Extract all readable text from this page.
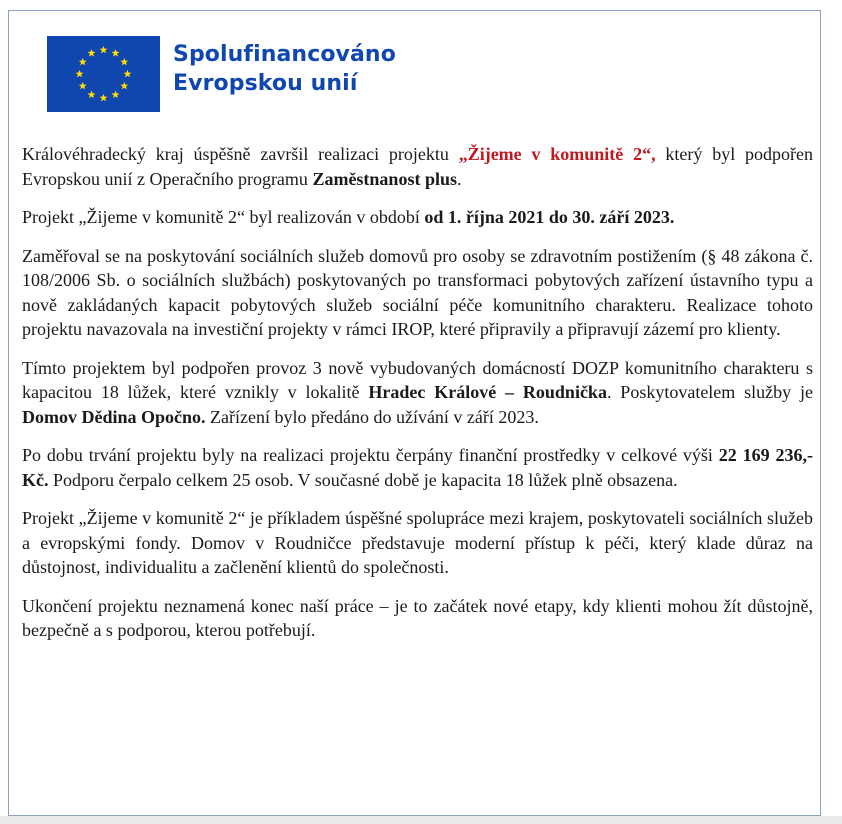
Spolufinancováno
Evropskou unií

Královéhradecký kraj úspěšně završil realizaci projektu „Žijeme v komunitě 2“, který byl podpořen Evropskou unií z Operačního programu Zaměstnanost plus.

Projekt „Žijeme v komunitě 2“ byl realizován v období od 1. října 2021 do 30. září 2023.

Zaměřoval se na poskytování sociálních služeb domovů pro osoby se zdravotním postižením (§ 48 zákona č. 108/2006 Sb. o sociálních službách) poskytovaných po transformaci pobytových zařízení ústavního typu a nově zakládaných kapacit pobytových služeb sociální péče komunitního charakteru. Realizace tohoto projektu navazovala na investiční projekty v rámci IROP, které připravily a připravují zázemí pro klienty.

Tímto projektem byl podpořen provoz 3 nově vybudovaných domácností DOZP komunitního charakteru s kapacitou 18 lůžek, které vznikly v lokalitě Hradec Králové – Roudnička. Poskytovatelem služby je Domov Dědina Opočno. Zařízení bylo předáno do užívání v září 2023.

Po dobu trvání projektu byly na realizaci projektu čerpány finanční prostředky v celkové výši 22 169 236,-Kč. Podporu čerpalo celkem 25 osob. V současné době je kapacita 18 lůžek plně obsazena.

Projekt „Žijeme v komunitě 2“ je příkladem úspěšné spolupráce mezi krajem, poskytovateli sociálních služeb a evropskými fondy. Domov v Roudničce představuje moderní přístup k péči, který klade důraz na důstojnost, individualitu a začlenění klientů do společnosti.

Ukončení projektu neznamená konec naší práce – je to začátek nové etapy, kdy klienti mohou žít důstojně, bezpečně a s podporou, kterou potřebují.
